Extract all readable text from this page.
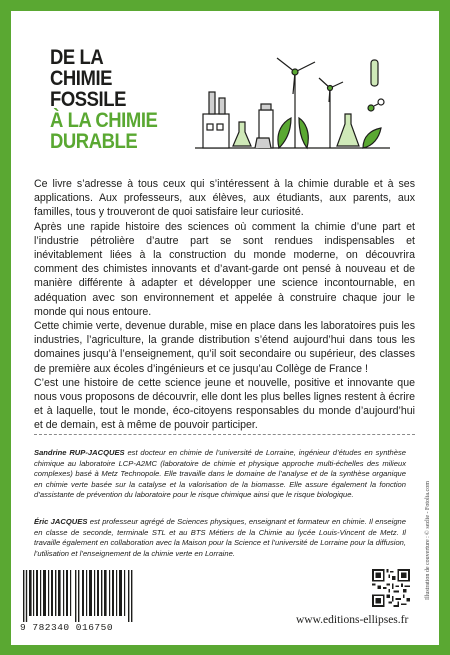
DE LA
CHIMIE
FOSSILE
À LA CHIMIE
DURABLE

Ce livre s’adresse à tous ceux qui s’intéressent à la chimie durable et à ses applications. Aux professeurs, aux élèves, aux étudiants, aux parents, aux familles, tous y trouveront de quoi satisfaire leur curiosité.

Après une rapide histoire des sciences où comment la chimie d’une part et l’industrie pétrolière d’autre part se sont rendues indispensables et inévitablement liées à la construction du monde moderne, on découvrira comment des chimistes innovants et d’avant-garde ont pensé à nouveau et de manière différente à adapter et développer une science incontournable, en adéquation avec son environnement et appelée à construire chaque jour le monde qui nous entoure.

Cette chimie verte, devenue durable, mise en place dans les laboratoires puis les industries, l’agriculture, la grande distribution s’étend aujourd’hui dans tous les domaines jusqu’à l’enseignement, qu’il soit secondaire ou supérieur, des classes de première aux écoles d’ingénieurs et ce jusqu’au Collège de France !

C’est une histoire de cette science jeune et nouvelle, positive et innovante que nous vous proposons de découvrir, elle dont les plus belles lignes restent à écrire et à laquelle, tout le monde, éco-citoyens responsables du monde d’aujourd’hui et de demain, est à même de pouvoir participer.

Sandrine RUP-JACQUES est docteur en chimie de l’université de Lorraine, ingénieur d’études en synthèse chimique au laboratoire LCP-A2MC (laboratoire de chimie et physique approche multi-échelles des milieux complexes) basé à Metz Technopole. Elle travaille dans le domaine de l’analyse et de la synthèse organique en chimie verte basée sur la catalyse et la valorisation de la biomasse. Elle assure également la fonction d’assistante de prévention du laboratoire pour le risque chimique ainsi que le risque biologique.
Éric JACQUES est professeur agrégé de Sciences physiques, enseignant et formateur en chimie. Il enseigne en classe de seconde, terminale STL et au BTS Métiers de la Chimie au lycée Louis-Vincent de Metz. Il travaille également en collaboration avec la Maison pour la Science et l’université de Lorraine pour la diffusion, l’utilisation et l’enseignement de la chimie verte en Lorraine.	Illustration de couverture : © sezlie - Fotolia.com
9 782340 016750
www.editions-ellipses.fr
